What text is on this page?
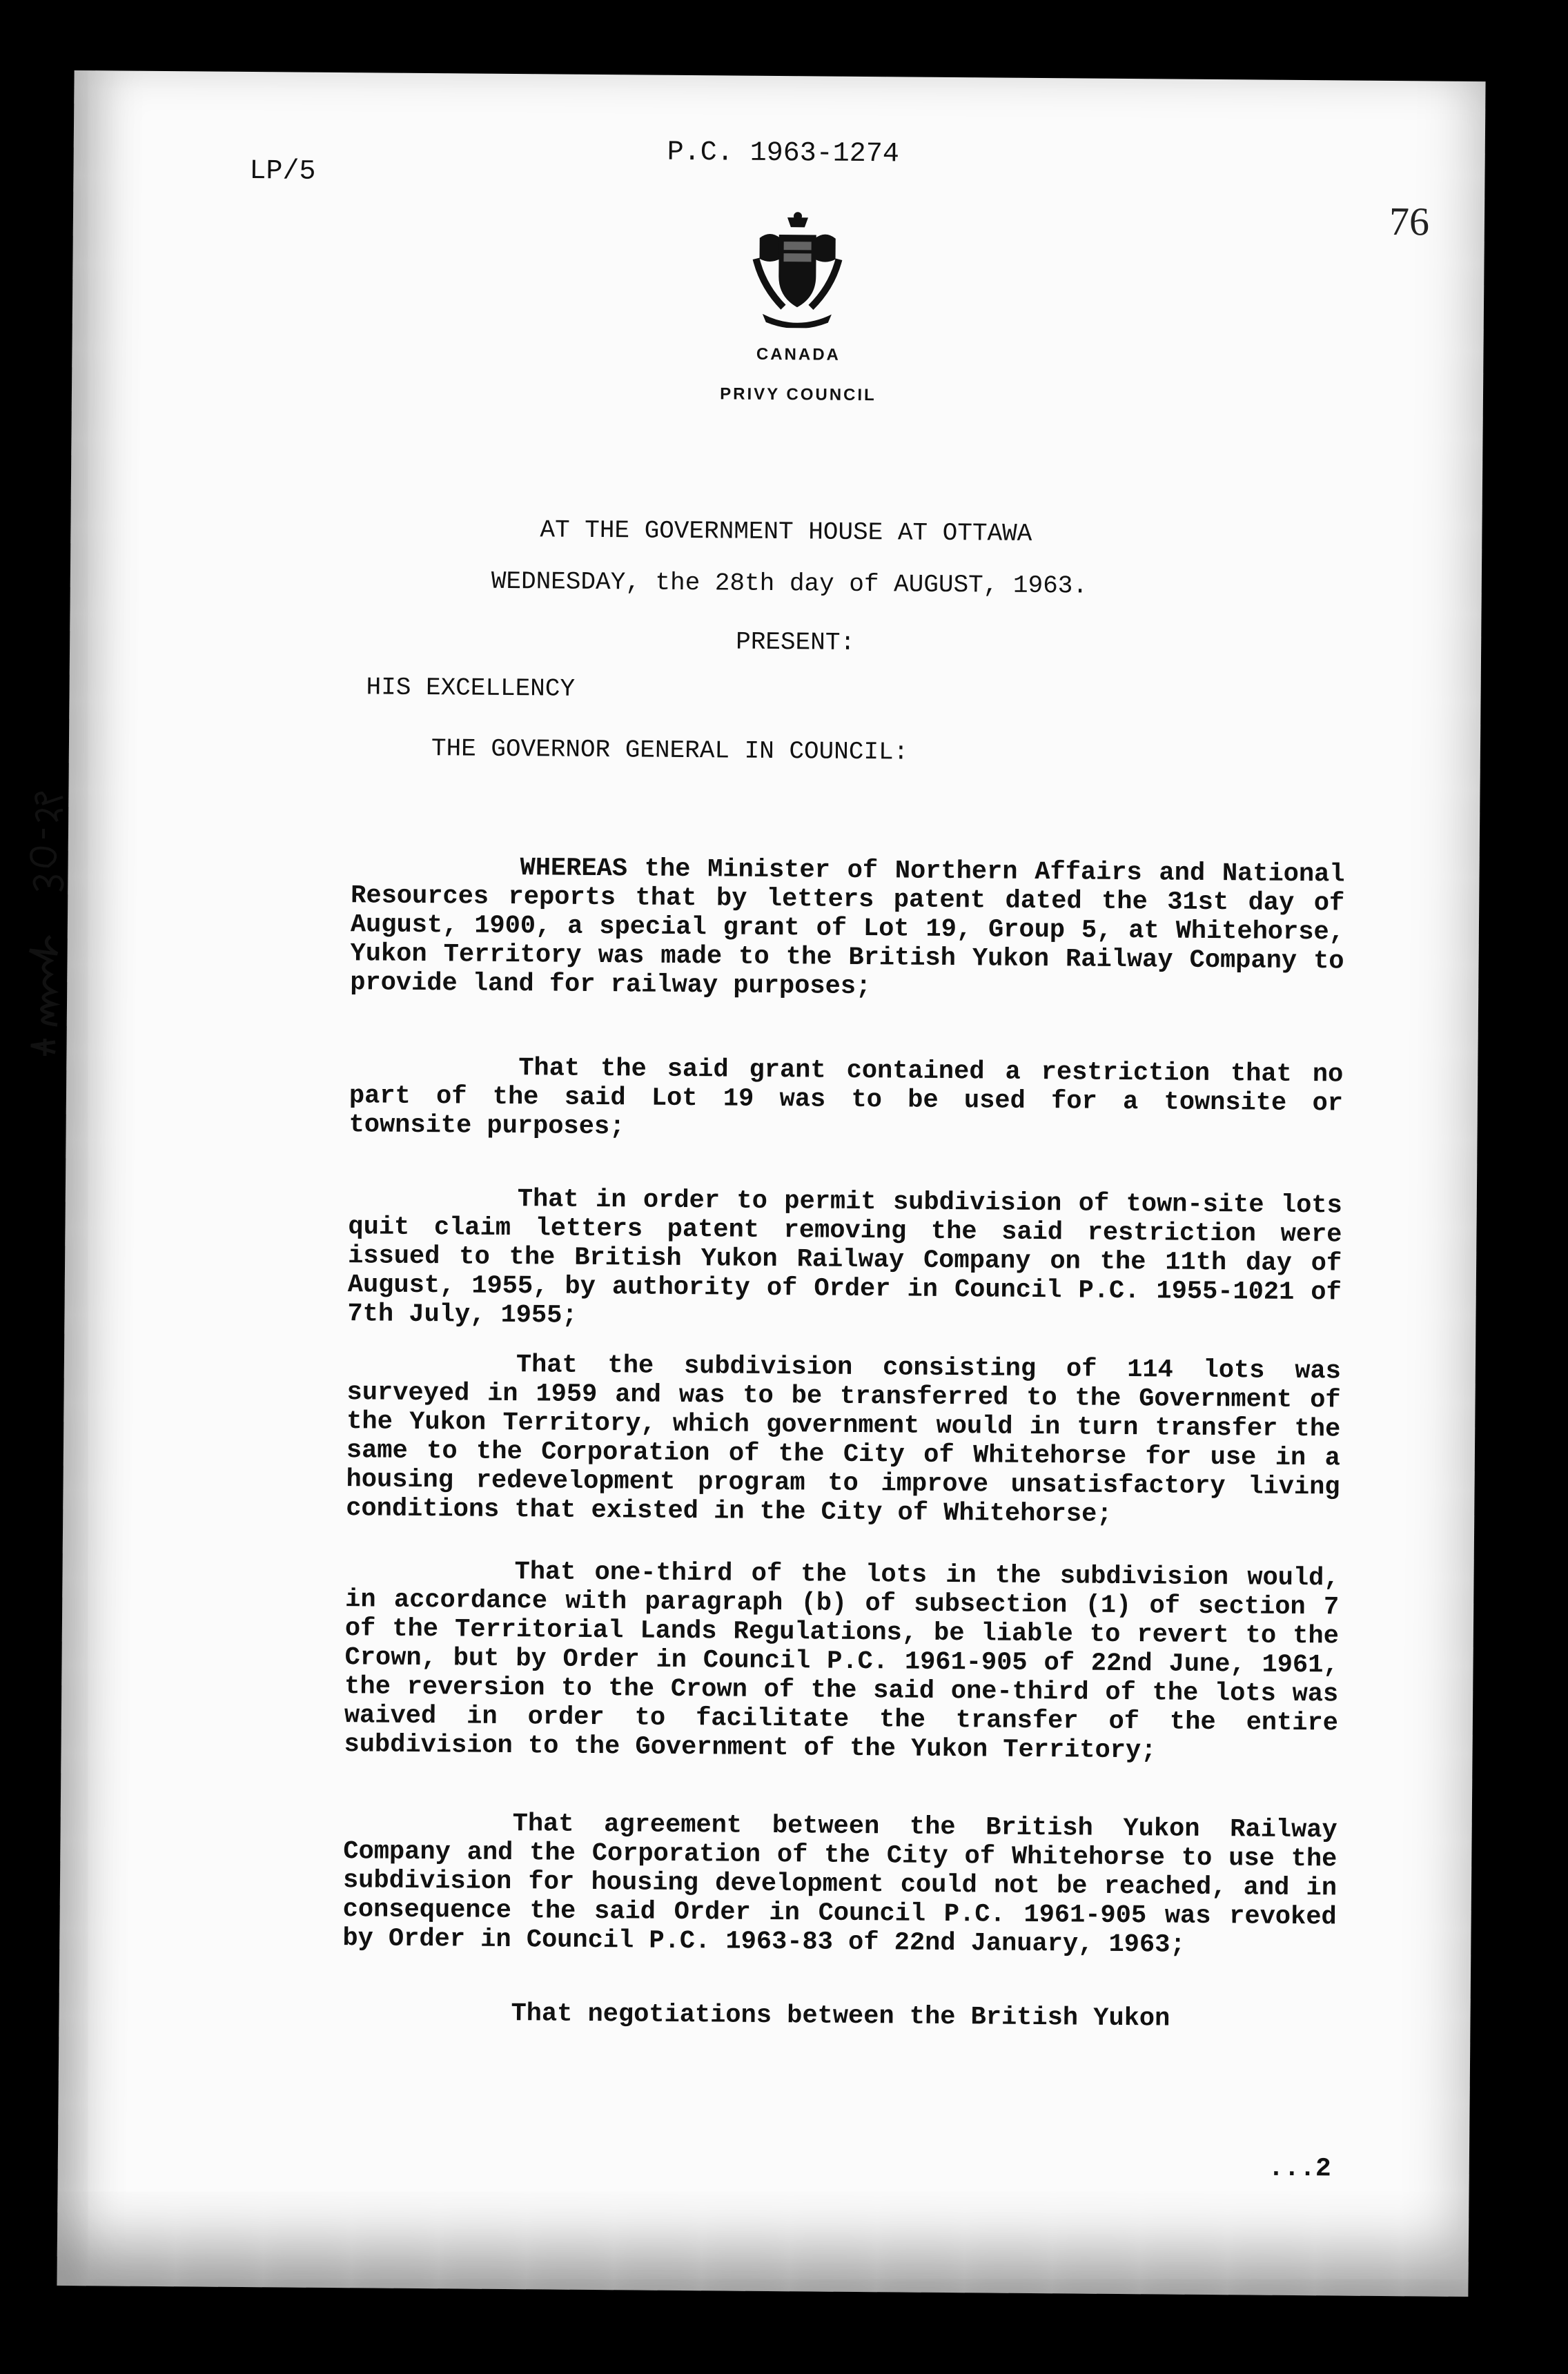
LP/5
P.C. 1963-1274
76
CANADA
PRIVY COUNCIL
AT THE GOVERNMENT HOUSE AT OTTAWA
WEDNESDAY, the 28th day of AUGUST, 1963.
PRESENT:
HIS EXCELLENCY
THE GOVERNOR GENERAL IN COUNCIL:

WHEREAS the Minister of Northern Affairs and National Resources reports that by letters patent dated the 31st day of August, 1900, a special grant of Lot 19, Group 5, at Whitehorse, Yukon Territory was made to the British Yukon Railway Company to provide land for railway purposes;

That the said grant contained a restriction that no part of the said Lot 19 was to be used for a townsite or townsite purposes;

That in order to permit subdivision of town-site lots quit claim letters patent removing the said restriction were issued to the British Yukon Railway Company on the 11th day of August, 1955, by authority of Order in Council P.C. 1955-1021 of 7th July, 1955;

That the subdivision consisting of 114 lots was surveyed in 1959 and was to be transferred to the Government of the Yukon Territory, which government would in turn transfer the same to the Corporation of the City of Whitehorse for use in a housing redevelopment program to improve unsatisfactory living conditions that existed in the City of Whitehorse;

That one-third of the lots in the subdivision would, in accordance with paragraph (b) of subsection (1) of section 7 of the Territorial Lands Regulations, be liable to revert to the Crown, but by Order in Council P.C. 1961-905 of 22nd June, 1961, the reversion to the Crown of the said one-third of the lots was waived in order to facilitate the transfer of the entire subdivision to the Government of the Yukon Territory;

That agreement between the British Yukon Railway Company and the Corporation of the City of Whitehorse to use the subdivision for housing development could not be reached, and in consequence the said Order in Council P.C. 1961-905 was revoked by Order in Council P.C. 1963-83 of 22nd January, 1963;

That negotiations between the British Yukon

...2
